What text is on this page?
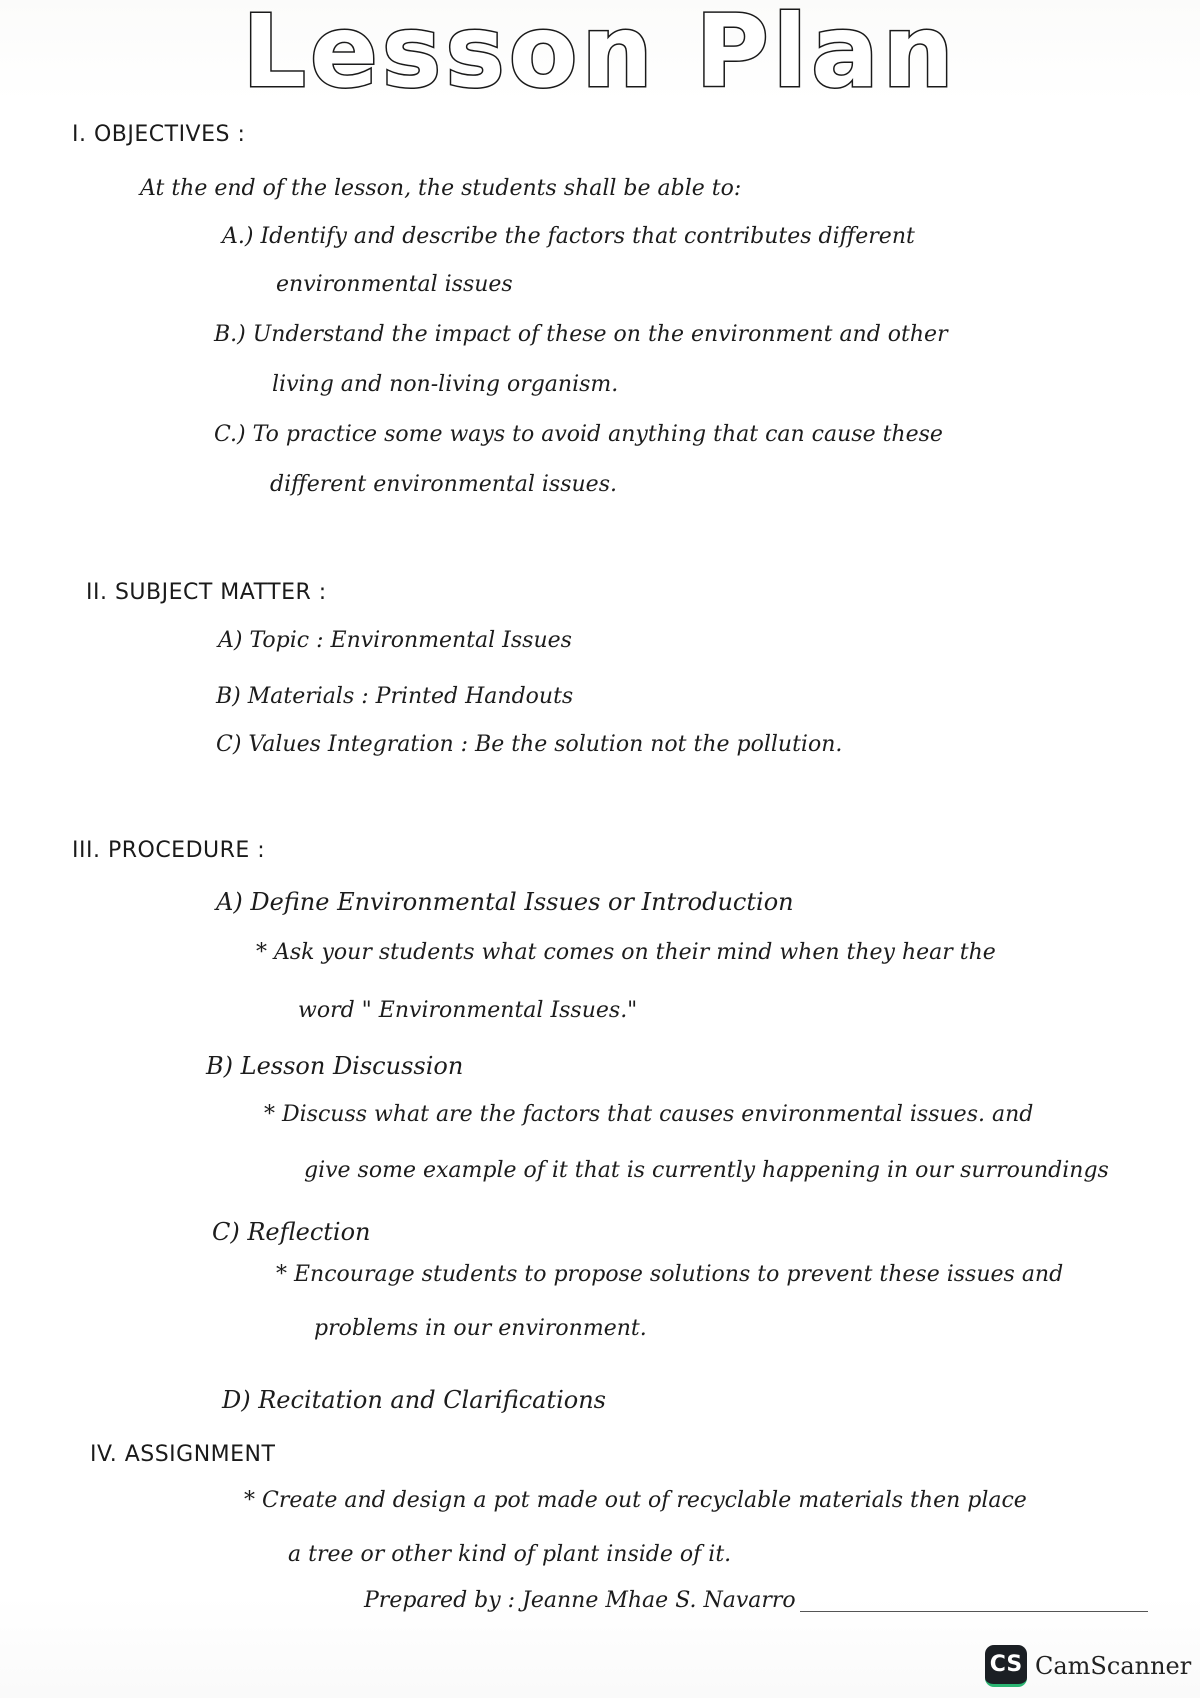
Lesson Plan
I. OBJECTIVES :
At the end of the lesson, the students shall be able to:
A.) Identify and describe the factors that contributes different
environmental issues
B.) Understand the impact of these on the environment and other
living and non-living organism.
C.) To practice some ways to avoid anything that can cause these
different environmental issues.
II. SUBJECT MATTER :
A) Topic : Environmental Issues
B) Materials : Printed Handouts
C) Values Integration : Be the solution not the pollution.
III. PROCEDURE :
A) Define Environmental Issues or Introduction
* Ask your students what comes on their mind when they hear the
word " Environmental Issues."
B) Lesson Discussion
* Discuss what are the factors that causes environmental issues. and
give some example of it that is currently happening in our surroundings
C) Reflection
* Encourage students to propose solutions to prevent these issues and
problems in our environment.
D) Recitation and Clarifications
IV. ASSIGNMENT
* Create and design a pot made out of recyclable materials then place
a tree or other kind of plant inside of it.
Prepared by : Jeanne Mhae S. Navarro
CS CamScanner
